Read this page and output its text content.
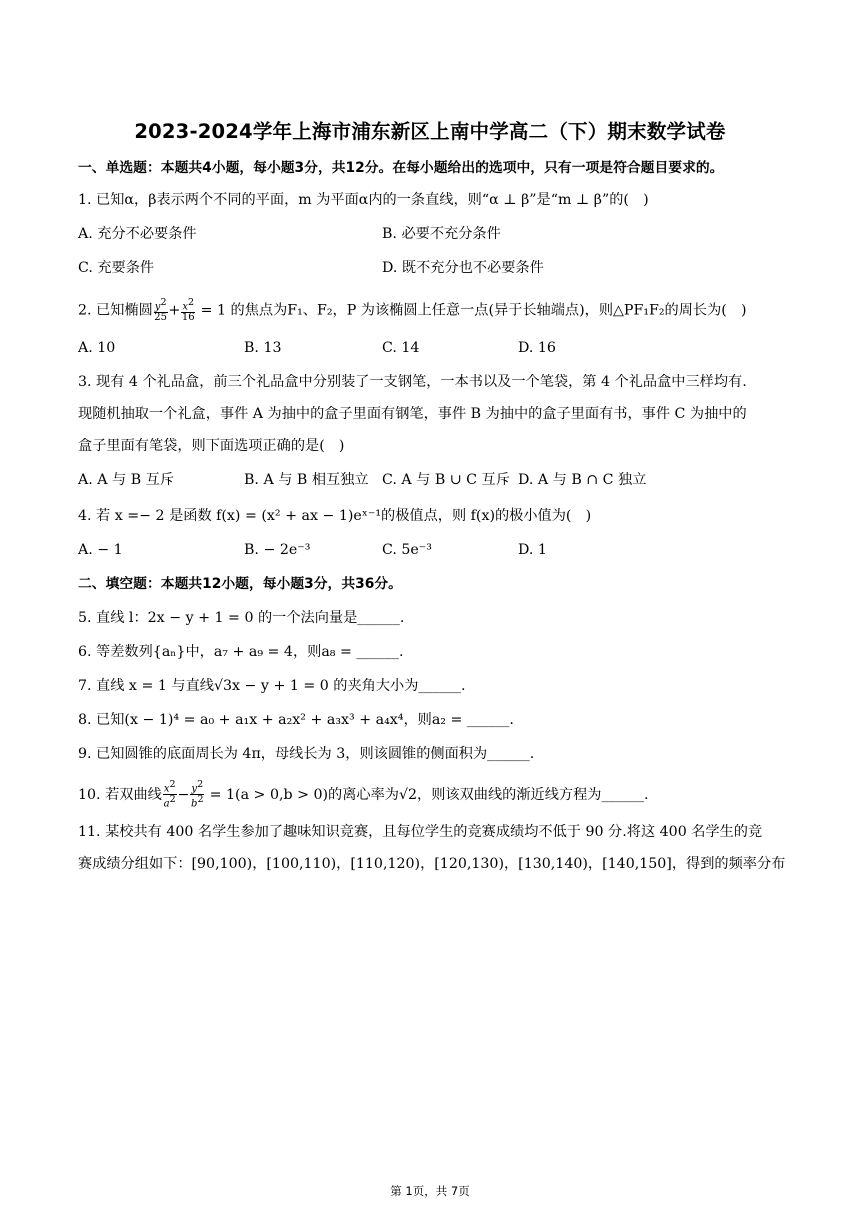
2023-2024学年上海市浦东新区上南中学高二（下）期末数学试卷
一、单选题：本题共4小题，每小题3分，共12分。在每小题给出的选项中，只有一项是符合题目要求的。
1. 已知α，β表示两个不同的平面，m 为平面α内的一条直线，则“α ⊥ β”是“m ⊥ β”的(　)
A. 充分不必要条件	B. 必要不充分条件
C. 充要条件	D. 既不充分也不必要条件
2. 已知椭圆 $\frac{y^2}{25} + \frac{x^2}{16} = 1$ 的焦点为F₁、F₂，P 为该椭圆上任意一点(异于长轴端点)，则△PF₁F₂的周长为(　)
A. 10	B. 13	C. 14	D. 16
3. 现有 4 个礼品盒，前三个礼品盒中分别装了一支钢笔，一本书以及一个笔袋，第 4 个礼品盒中三样均有.
现随机抽取一个礼盒，事件 A 为抽中的盒子里面有钢笔，事件 B 为抽中的盒子里面有书，事件 C 为抽中的
盒子里面有笔袋，则下面选项正确的是(　)
A. A 与 B 互斥	B. A 与 B 相互独立 C. A 与 B ∪ C 互斥 D. A 与 B ∩ C 独立
4. 若 x =− 2 是函数 f(x) = (x² + ax − 1)eˣ⁻¹的极值点，则 f(x)的极小值为(　)
A. − 1	B. − 2e⁻³	C. 5e⁻³	D. 1
二、填空题：本题共12小题，每小题3分，共36分。
5. 直线 l：2x − y + 1 = 0 的一个法向量是______.
6. 等差数列{aₙ}中，a₇ + a₉ = 4，则a₈ = ______.
7. 直线 x = 1 与直线√3x − y + 1 = 0 的夹角大小为______.
8. 已知(x − 1)⁴ = a₀ + a₁x + a₂x² + a₃x³ + a₄x⁴，则a₂ = ______.
9. 已知圆锥的底面周长为 4π，母线长为 3，则该圆锥的侧面积为______.
10. 若双曲线 $\frac{x^2}{a^2} - \frac{y^2}{b^2} = 1(a > 0,b > 0)$的离心率为√2，则该双曲线的渐近线方程为______.
11. 某校共有 400 名学生参加了趣味知识竞赛，且每位学生的竞赛成绩均不低于 90 分.将这 400 名学生的竞
赛成绩分组如下：[90,100)，[100,110)，[110,120)，[120,130)，[130,140)，[140,150]，得到的频率分布
第 1页，共 7页
